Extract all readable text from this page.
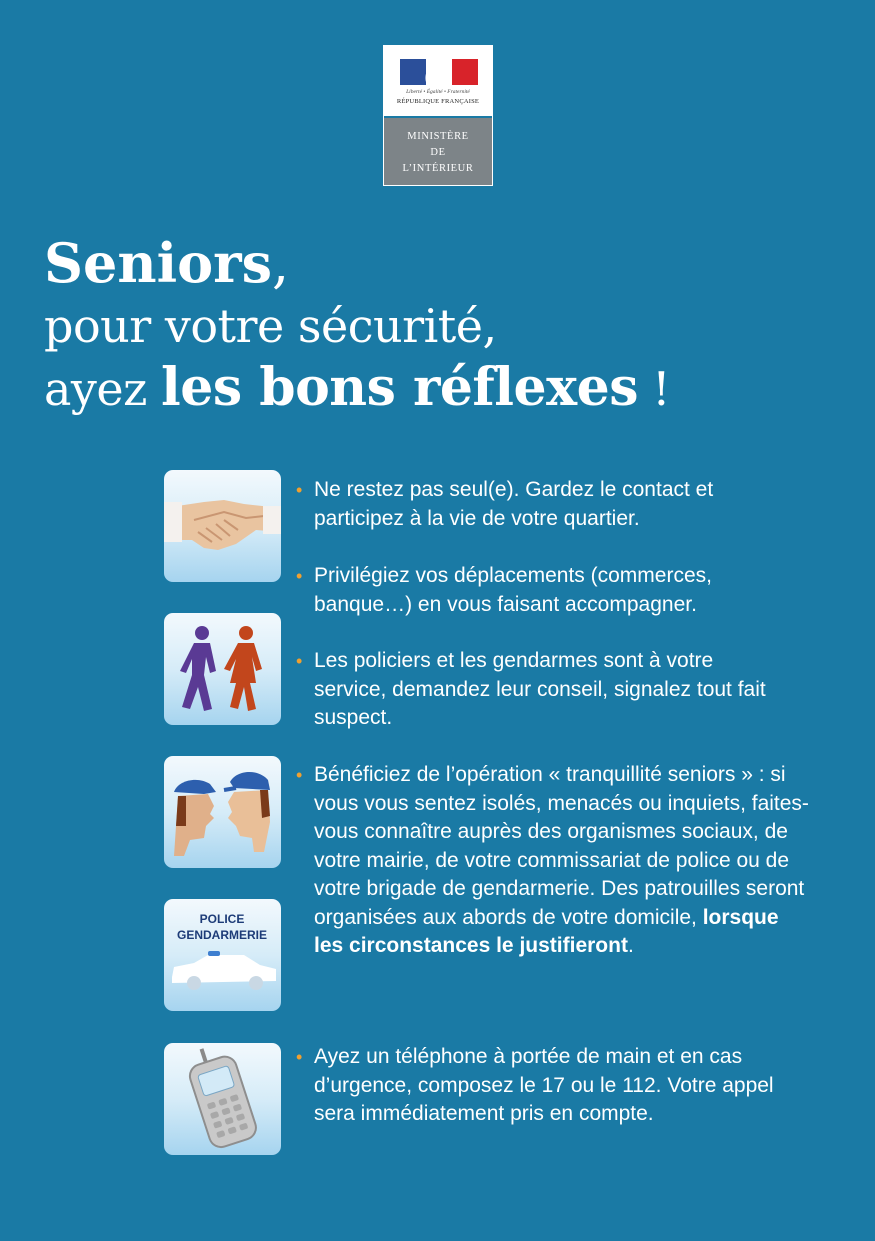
Liberté • Égalité • Fraternité
RÉPUBLIQUE FRANÇAISE
MINISTÈRE
DE
L’INTÉRIEUR
Seniors,
pour votre sécurité,
ayez les bons réflexes !
POLICE
GENDARMERIE
• Ne restez pas seul(e). Gardez le contact et participez à la vie de votre quartier.
• Privilégiez vos déplacements (commerces, banque…) en vous faisant accompagner.
• Les policiers et les gendarmes sont à votre service, demandez leur conseil, signalez tout fait suspect.
• Bénéficiez de l’opération « tranquillité seniors » : si vous vous sentez isolés, menacés ou inquiets, faites-vous connaître auprès des organismes sociaux, de votre mairie, de votre commissariat de police ou de votre brigade de gendarmerie. Des patrouilles seront organisées aux abords de votre domicile, lorsque les circonstances le justifieront.
• Ayez un téléphone à portée de main et en cas d’urgence, composez le 17 ou le 112. Votre appel sera immédiatement pris en compte.
